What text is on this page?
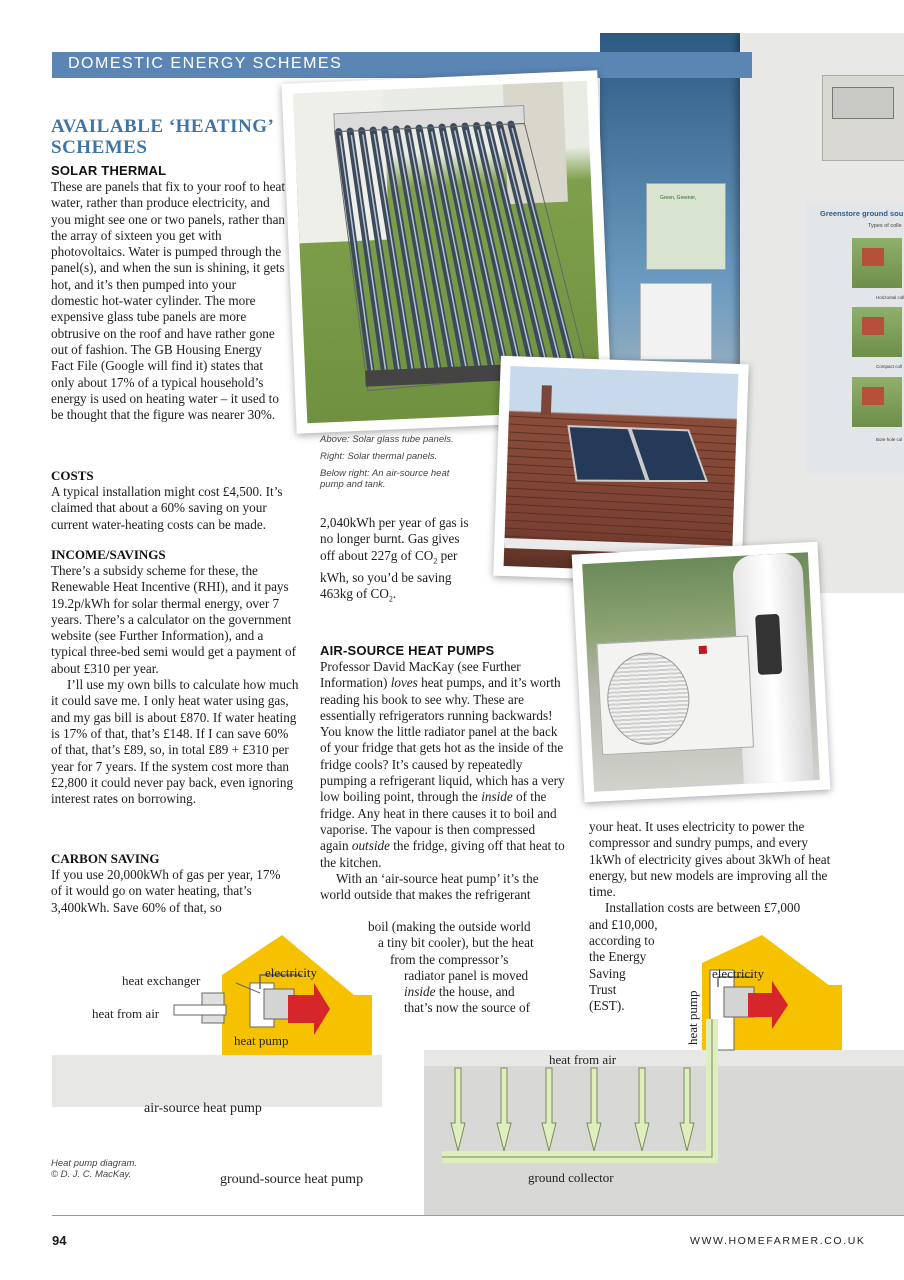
Greenstore ground sou
Types of colle
Horizontal coll
Compact coll
Bore hole col
Green, Greener,
DOMESTIC ENERGY SCHEMES
AVAILABLE ‘HEATING’ SCHEMES
SOLAR THERMAL

These are panels that fix to your roof to heat water, rather than produce electricity, and you might see one or two panels, rather than the array of sixteen you get with photovoltaics. Water is pumped through the panel(s), and when the sun is shining, it gets hot, and it’s then pumped into your domestic hot-water cylinder. The more expensive glass tube panels are more obtrusive on the roof and have rather gone out of fashion. The GB Housing Energy Fact File (Google will find it) states that only about 17% of a typical household’s energy is used on heating water – it used to be thought that the figure was nearer 30%.

COSTS

A typical installation might cost £4,500. It’s claimed that about a 60% saving on your current water-heating costs can be made.

INCOME/SAVINGS

There’s a subsidy scheme for these, the Renewable Heat Incentive (RHI), and it pays 19.2p/kWh for solar thermal energy, over 7 years. There’s a calculator on the government website (see Further Information), and a typical three-bed semi would get a payment of about £310 per year.

I’ll use my own bills to calculate how much it could save me. I only heat water using gas, and my gas bill is about £870. If water heating is 17% of that, that’s £148. If I can save 60% of that, that’s £89, so, in total £89 + £310 per year for 7 years. If the system cost more than £2,800 it could never pay back, even ignoring interest rates on borrowing.

CARBON SAVING

If you use 20,000kWh of gas per year, 17% of it would go on water heating, that’s 3,400kWh. Save 60% of that, so

Above: Solar glass tube panels.
Right: Solar thermal panels.
Below right: An air-source heat pump and tank.

2,040kWh per year of gas is no longer burnt. Gas gives off about 227g of $CO_2$ per kWh, so you’d be saving 463kg of $CO_2$.

AIR-SOURCE HEAT PUMPS

Professor David MacKay (see Further Information) loves heat pumps, and it’s worth reading his book to see why. These are essentially refrigerators running backwards! You know the little radiator panel at the back of your fridge that gets hot as the inside of the fridge cools? It’s caused by repeatedly pumping a refrigerant liquid, which has a very low boiling point, through the inside of the fridge. Any heat in there causes it to boil and vaporise. The vapour is then compressed again outside the fridge, giving off that heat to the kitchen.

With an ‘air-source heat pump’ it’s the world outside that makes the refrigerant

boil (making the outside world
a tiny bit cooler), but the heat
from the compressor’s
radiator panel is moved
inside the house, and
that’s now the source of

your heat. It uses electricity to power the compressor and sundry pumps, and every 1kWh of electricity gives about 3kWh of heat energy, but new models are improving all the time.

Installation costs are between £7,000

and £10,000,
according to
the Energy
Saving
Trust
(EST).
heat exchanger
electricity
heat from air
heat pump
air-source heat pump
electricity
heat pump
heat from air
ground collector
ground-source heat pump
Heat pump diagram.
© D. J. C. MacKay.
94	WWW.HOMEFARMER.CO.UK
